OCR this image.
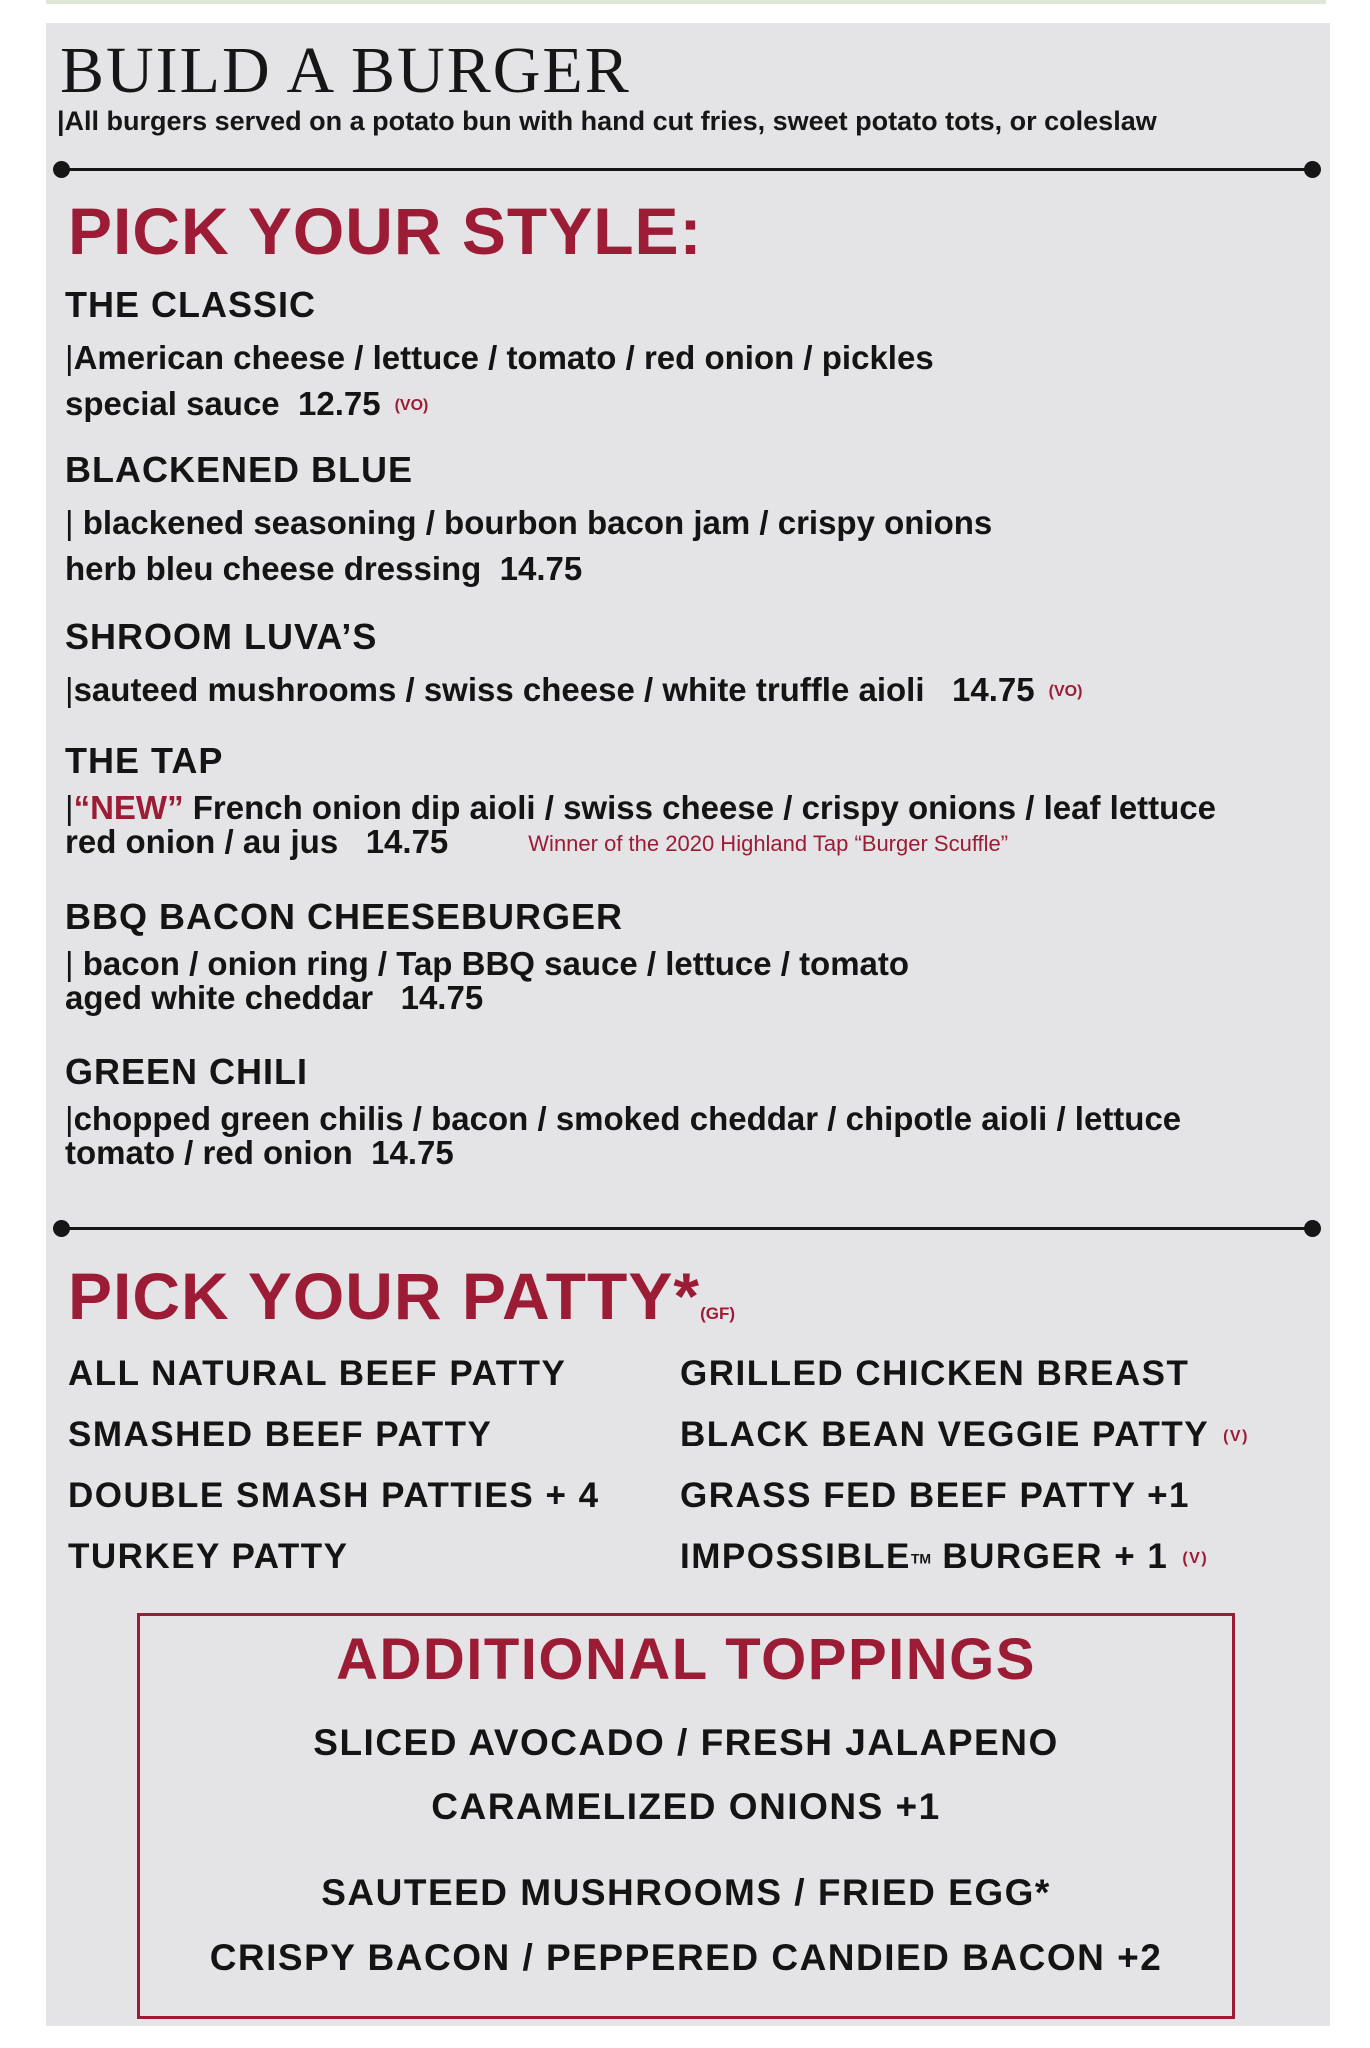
BUILD A BURGER
|All burgers served on a potato bun with hand cut fries, sweet potato tots, or coleslaw
PICK YOUR STYLE:
THE CLASSIC
|American cheese / lettuce / tomato / red onion / pickles
special sauce 12.75 (VO)
BLACKENED BLUE
| blackened seasoning / bourbon bacon jam / crispy onions
herb bleu cheese dressing 14.75
SHROOM LUVA’S
|sauteed mushrooms / swiss cheese / white truffle aioli 14.75 (VO)
THE TAP
|“NEW” French onion dip aioli / swiss cheese / crispy onions / leaf lettuce
red onion / au jus 14.75	Winner of the 2020 Highland Tap “Burger Scuffle”
BBQ BACON CHEESEBURGER
| bacon / onion ring / Tap BBQ sauce / lettuce / tomato
aged white cheddar 14.75
GREEN CHILI
|chopped green chilis / bacon / smoked cheddar / chipotle aioli / lettuce
tomato / red onion 14.75
PICK YOUR PATTY*(GF)
ALL NATURAL BEEF PATTY
SMASHED BEEF PATTY
DOUBLE SMASH PATTIES + 4
TURKEY PATTY
GRILLED CHICKEN BREAST
BLACK BEAN VEGGIE PATTY (V)
GRASS FED BEEF PATTY +1
IMPOSSIBLETM BURGER + 1 (V)
ADDITIONAL TOPPINGS
SLICED AVOCADO / FRESH JALAPENO
CARAMELIZED ONIONS +1
SAUTEED MUSHROOMS / FRIED EGG*
CRISPY BACON / PEPPERED CANDIED BACON +2
